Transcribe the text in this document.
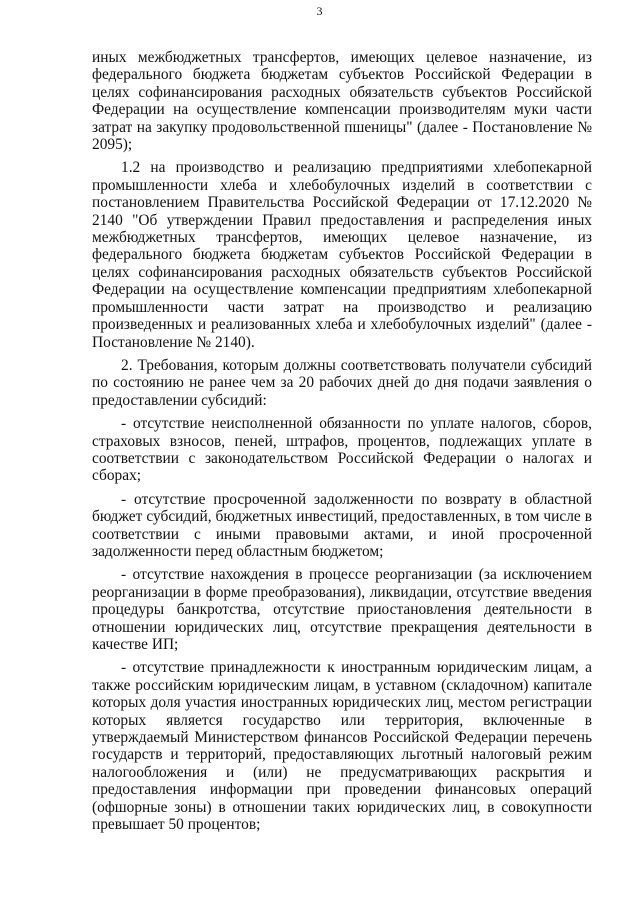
3

иных межбюджетных трансфертов, имеющих целевое назначение, из федерального бюджета бюджетам субъектов Российской Федерации в целях софинансирования расходных обязательств субъектов Российской Федерации на осуществление компенсации производителям муки части затрат на закупку продовольственной пшеницы" (далее - Постановление № 2095);

1.2 на производство и реализацию предприятиями хлебопекарной промышленности хлеба и хлебобулочных изделий в соответствии с постановлением Правительства Российской Федерации от 17.12.2020 № 2140 "Об утверждении Правил предоставления и распределения иных межбюджетных трансфертов, имеющих целевое назначение, из федерального бюджета бюджетам субъектов Российской Федерации в целях софинансирования расходных обязательств субъектов Российской Федерации на осуществление компенсации предприятиям хлебопекарной промышленности части затрат на производство и реализацию произведенных и реализованных хлеба и хлебобулочных изделий" (далее - Постановление № 2140).

2. Требования, которым должны соответствовать получатели субсидий по состоянию не ранее чем за 20 рабочих дней до дня подачи заявления о предоставлении субсидий:

- отсутствие неисполненной обязанности по уплате налогов, сборов, страховых взносов, пеней, штрафов, процентов, подлежащих уплате в соответствии с законодательством Российской Федерации о налогах и сборах;

- отсутствие просроченной задолженности по возврату в областной бюджет субсидий, бюджетных инвестиций, предоставленных, в том числе в соответствии с иными правовыми актами, и иной просроченной задолженности перед областным бюджетом;

- отсутствие нахождения в процессе реорганизации (за исключением реорганизации в форме преобразования), ликвидации, отсутствие введения процедуры банкротства, отсутствие приостановления деятельности в отношении юридических лиц, отсутствие прекращения деятельности в качестве ИП;

- отсутствие принадлежности к иностранным юридическим лицам, а также российским юридическим лицам, в уставном (складочном) капитале которых доля участия иностранных юридических лиц, местом регистрации которых является государство или территория, включенные в утверждаемый Министерством финансов Российской Федерации перечень государств и территорий, предоставляющих льготный налоговый режим налогообложения и (или) не предусматривающих раскрытия и предоставления информации при проведении финансовых операций (офшорные зоны) в отношении таких юридических лиц, в совокупности превышает 50 процентов;
